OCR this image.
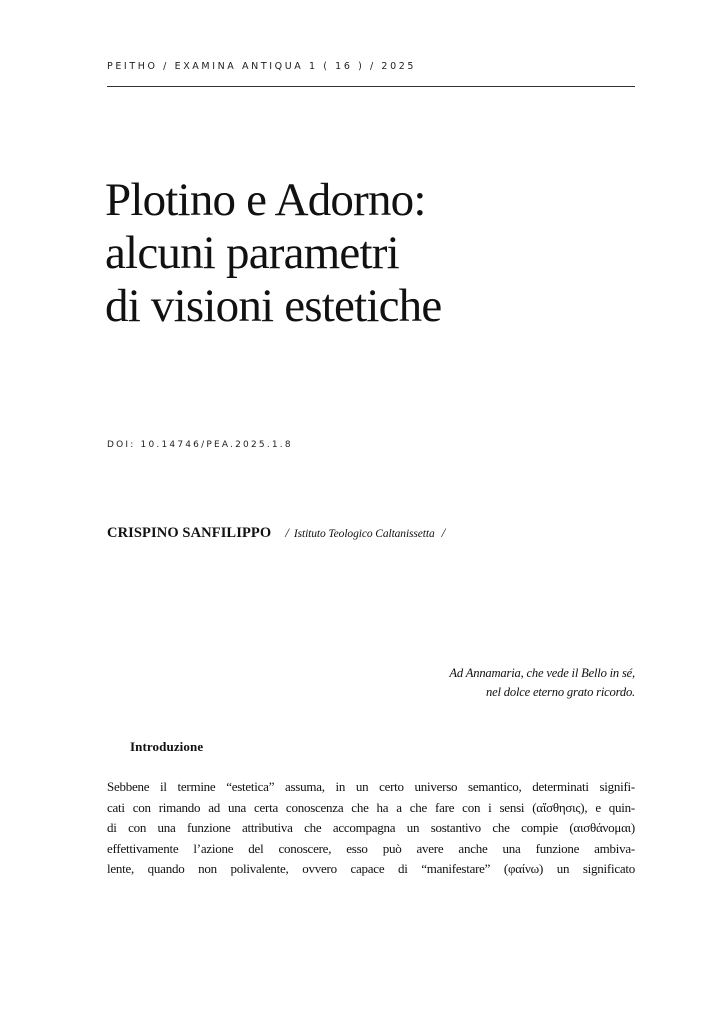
PEITHO / EXAMINA ANTIQUA 1 ( 16 ) / 2025
Plotino e Adorno:
alcuni parametri
di visioni estetiche
DOI: 10.14746/PEA.2025.1.8
CRISPINO SANFILIPPO / Istituto Teologico Caltanissetta /
Ad Annamaria, che vede il Bello in sé,
nel dolce eterno grato ricordo.
Introduzione
Sebbene il termine “estetica” assuma, in un certo universo semantico, determinati signifi-
cati con rimando ad una certa conoscenza che ha a che fare con i sensi (αἴσθησις), e quin-
di con una funzione attributiva che accompagna un sostantivo che compie (αισθάνομαι)
effettivamente l’azione del conoscere, esso può avere anche una funzione ambiva-
lente, quando non polivalente, ovvero capace di “manifestare” (φαίνω) un significato
